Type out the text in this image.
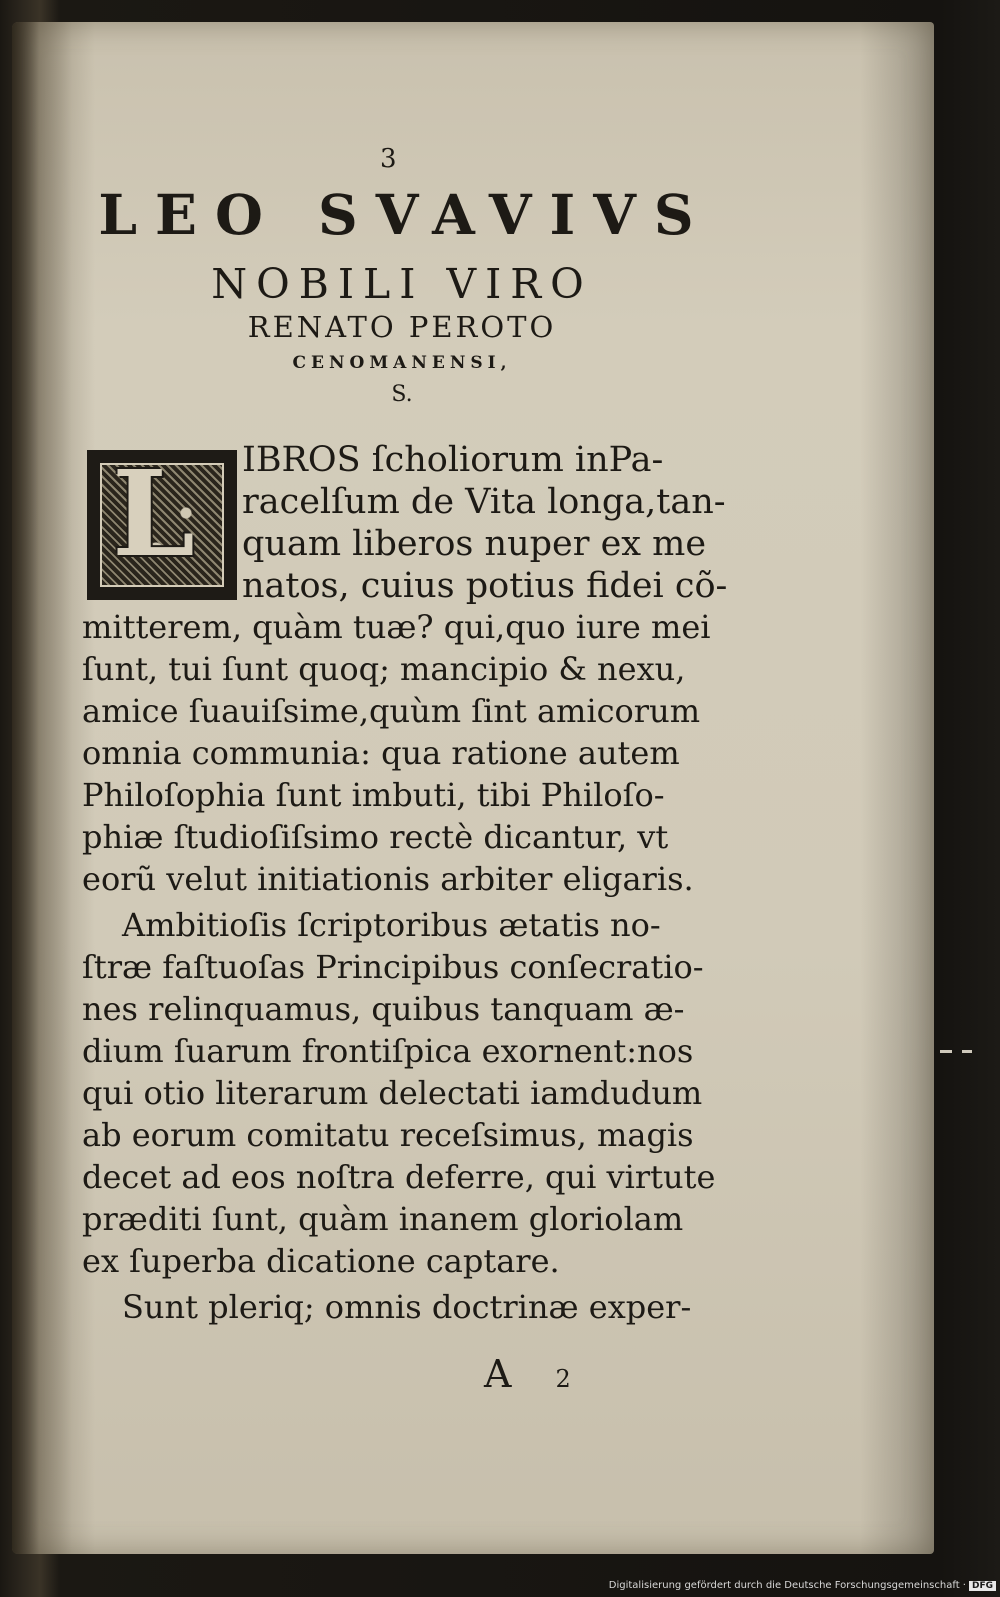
3
LEO SVAVIVS
NOBILI VIRO
RENATO PEROTO
CENOMANENSI,
S.
L IBROS ſcholiorum inPa-
racelſum de Vita longa,tan-
quam liberos nuper ex me
natos, cuius potius fidei cõ-
mitterem, quàm tuæ? qui,quo iure mei
ſunt, tui ſunt quoq; mancipio & nexu,
amice ſuauiſsime,quùm ſint amicorum
omnia communia: qua ratione autem
Philoſophia ſunt imbuti, tibi Philoſo-
phiæ ſtudioſiſsimo rectè dicantur, vt
eorũ velut initiationis arbiter eligaris.
Ambitioſis ſcriptoribus ætatis no-
ſtræ faſtuoſas Principibus conſecratio-
nes relinquamus, quibus tanquam æ-
dium ſuarum frontiſpica exornent:nos
qui otio literarum delectati iamdudum
ab eorum comitatu receſsimus, magis
decet ad eos noſtra deferre, qui virtute
præditi ſunt, quàm inanem gloriolam
ex ſuperba dicatione captare.
Sunt pleriq; omnis doctrinæ exper-
A 2
Digitalisierung gefördert durch die Deutsche Forschungsgemeinschaft · DFG
